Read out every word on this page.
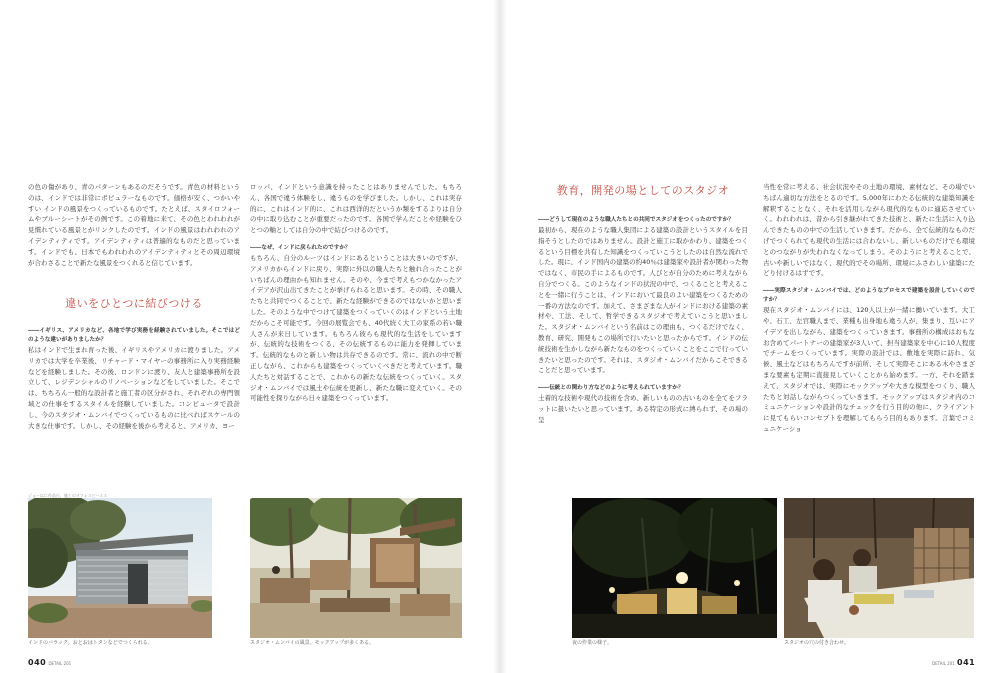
の色の傷があり、青のパターンもあるのだそうです。青色の材料というのは、インドでは非常にポピュラーなものです。価格が安く、つかいやすい インドの風景をつくっているものです。たとえば、スタイロフォームやブルーシートがその例です。この着地に来て、その色とわれわれが見慣れている風景とがリンクしたのです。インドの風景はわれわれのアイデンティティです。アイデンティティは普遍的なものだと思っています。インドでも、日本でもわれわれのアイデンティティとその周辺環境が合わさることで新たな風景をつくれると信じています。

違いをひとつに結びつける

――イギリス、アメリカなど、各地で学び実務を経験されていました。そこではどのような違いがありましたか？

私はインドで生まれ育った後、イギリスやアメリカに渡りました。アメリカでは大学を卒業後、リチャード・マイヤーの事務所に入り実務経験などを経験しました。その後、ロンドンに渡り、友人と建築事務所を設立して、レジデンシャルのリノベーションなどをしていました。そこでは、ちちろん一般的な設計者と施工者の区分がされ、それぞれの専門領域との仕事をするスタイルを経験していました。コンピュータで設計し、今のスタジオ・ムンバイでつくっているものに比べればスケールの大きな仕事です。しかし、その経験を後から考えると、アメリカ、ヨー

ロッパ、インドという意識を持ったことはありませんでした。もちろん、各国で違う体験をし、違うものを学びました。しかし、これは実存的に、これはインド的に、これは西洋的だというか類をするよりは自分の中に取り込むことが重要だったのです。各国で学んだことや経験をひとつの軸としては自分の中で結びつけるのです。

――なぜ、インドに戻られたのですか？

もちろん、自分のルーツはインドにあるということは大きいのですが、アメリカからインドに戻り、実際に外以の職人たちと触れ合ったことがいちばんの理由かも知れません。そのや、今まで考えもつかなかったアイデアが沢山出てきたことが挙げられると思います。その時、その職人たちと共同でつくることで、新たな経験ができるのではないかと思いました。そのような中でつけて建築をつくっていくのはインドという土地だからこそ可能です。今回の展覧会でも、40代続く大工の家系の若い職人さんが来日しています。もちろん彼らも現代的な生活をしていますが、伝統的な技術をつくる、その伝統するものに能力を発揮しています。伝統的なものと新しい物は共存できるのです。常に、流れの中で断正しながら、これからも建築をつくっていくべきだと考えています。職人たちと対話することで、これからの新たな伝統をつくっていく。スタジオ・ムンバイでは風土や伝統を更新し、新たな職に変えていく。その可能性を探りながら日々建築をつくっています。

ジョー以に作品日、施工のオフォスピースス
インドのバラック。おとおはトタンなどでつくられる。	スタジオ・ムンバイの風景。モックアップが多くある。
040 DETAIL 201
教育，開発の場としてのスタジオ

――どうして現在のような職人たちとの共同でスタジオをつくったのですか？

最初から、現在のような職人集団による建築の設計というスタイルを目指そうとしたのではありません。設計と施工に取かかわり、建築をつくるという目標を共有した知識をつくっていこうとしたのは自然な流れでした。現に、インド国内の建築の約40％は建築家や設計者が関わった物ではなく、市民の手によるものです。人びとが自分のために考えながら自分でつくる。このようなインドの状況の中で、つくることと考えることを一緒に行うことは、インドにおいて最良のよい建築をつくるための一番の方法なのです。加えて、さまざまな人がインドにおける建築の素材や、工法、そして、哲学できるスタジオで考えていこうと思いました。スタジオ・ムンバイという名前はこの理由も、つくるだけでなく、教育、研究、開発もこの場所で行いたいと思ったからです。インドの伝統技術を生かしながら新たなものをつくっていくことをここで行っていきたいと思ったのです。それは、スタジオ・ムンバイだからこそできることだと思っています。

――伝統との関わり方などのように考えられていますか？

土着的な技術や現代の技術を含め、新しいものの古いものを全てをフラットに扱いたいと思っています。ある特定の形式に縛られず、その場の呈

当性を常に考える、社会状況やその土地の環境、素材など、その場でいちばん適切な方法をとるのです。5,000年にわたる伝統的な建築知識を解釈することなく、それを活用しながら現代的なものに適応させていく。われわれは、昔から引き継がれてきた技術と、新たに生活に入り込んできたものの中での生活していきます。だから、全て伝統的なものだげでつくられても現代の生活には合わないし、新しいものだけでも環境とのつながりが失われなくなってしまう。そのようにと考えることで、古いや新しいではなく、現代的でその場所、環境にふさわしい建築にたどり付けるはずです。

――実際スタジオ・ムンバイでは、どのようなプロセスで建築を設計していくのですか？

現在スタジオ・ムンバイには、120人以上が一緒に働いています。大工や、石工、左官職人まで、業種も出身地も違う人が、集まり、互いにアイデアを出しながら、建築をつくっていきます。事務所の構成はおもなお含めてパートナーの建築家が3人いて、担当建築家を中心に10人程度でチームをつくっています。実際の設計では、敷地を実際に訪れ、気候、風土などはもちろんですが前所、そして実際そこにある木やさまざまな要素も定期に直接見していくことから始めます。一方、それを踏まえて、スタジオでは、実際にモックアップや大きな模型をつくり、職人たちと対話しながらつくっていきます。モックアップはスタジオ内のコミュニケーションや設計的なチェックを行う目的の他に、クライアントに見てもらいコンセプトを理解してもらう目的もあります。言葉でコミュニケーショ

夜の作業の様子。	スタジオの穴の付き合わせ。
DETAIL 201 041
